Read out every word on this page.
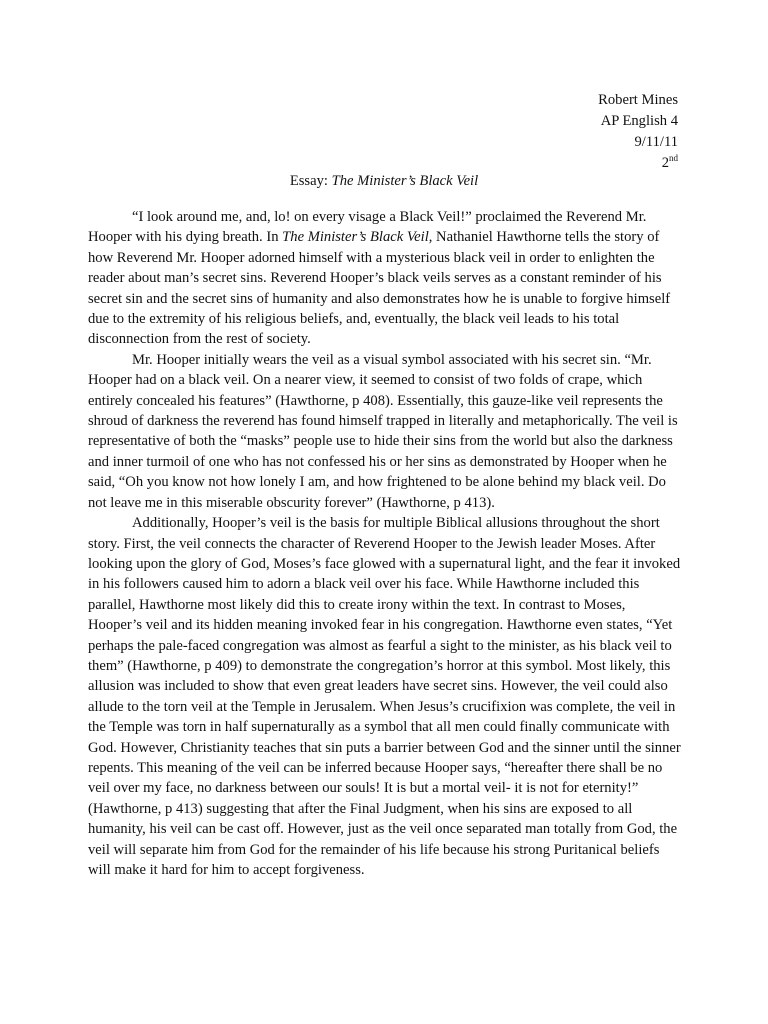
Robert Mines
AP English 4
9/11/11
2nd
Essay: The Minister’s Black Veil

“I look around me, and, lo! on every visage a Black Veil!” proclaimed the Reverend Mr. Hooper with his dying breath. In The Minister’s Black Veil, Nathaniel Hawthorne tells the story of how Reverend Mr. Hooper adorned himself with a mysterious black veil in order to enlighten the reader about man’s secret sins. Reverend Hooper’s black veils serves as a constant reminder of his secret sin and the secret sins of humanity and also demonstrates how he is unable to forgive himself due to the extremity of his religious beliefs, and, eventually, the black veil leads to his total disconnection from the rest of society.

Mr. Hooper initially wears the veil as a visual symbol associated with his secret sin. “Mr. Hooper had on a black veil. On a nearer view, it seemed to consist of two folds of crape, which entirely concealed his features” (Hawthorne, p 408). Essentially, this gauze-like veil represents the shroud of darkness the reverend has found himself trapped in literally and metaphorically. The veil is representative of both the “masks” people use to hide their sins from the world but also the darkness and inner turmoil of one who has not confessed his or her sins as demonstrated by Hooper when he said, “Oh you know not how lonely I am, and how frightened to be alone behind my black veil. Do not leave me in this miserable obscurity forever” (Hawthorne, p 413).

Additionally, Hooper’s veil is the basis for multiple Biblical allusions throughout the short story. First, the veil connects the character of Reverend Hooper to the Jewish leader Moses. After looking upon the glory of God, Moses’s face glowed with a supernatural light, and the fear it invoked in his followers caused him to adorn a black veil over his face. While Hawthorne included this parallel, Hawthorne most likely did this to create irony within the text. In contrast to Moses, Hooper’s veil and its hidden meaning invoked fear in his congregation. Hawthorne even states, “Yet perhaps the pale-faced congregation was almost as fearful a sight to the minister, as his black veil to them” (Hawthorne, p 409) to demonstrate the congregation’s horror at this symbol. Most likely, this allusion was included to show that even great leaders have secret sins. However, the veil could also allude to the torn veil at the Temple in Jerusalem. When Jesus’s crucifixion was complete, the veil in the Temple was torn in half supernaturally as a symbol that all men could finally communicate with God. However, Christianity teaches that sin puts a barrier between God and the sinner until the sinner repents. This meaning of the veil can be inferred because Hooper says, “hereafter there shall be no veil over my face, no darkness between our souls! It is but a mortal veil- it is not for eternity!” (Hawthorne, p 413) suggesting that after the Final Judgment, when his sins are exposed to all humanity, his veil can be cast off. However, just as the veil once separated man totally from God, the veil will separate him from God for the remainder of his life because his strong Puritanical beliefs will make it hard for him to accept forgiveness.
